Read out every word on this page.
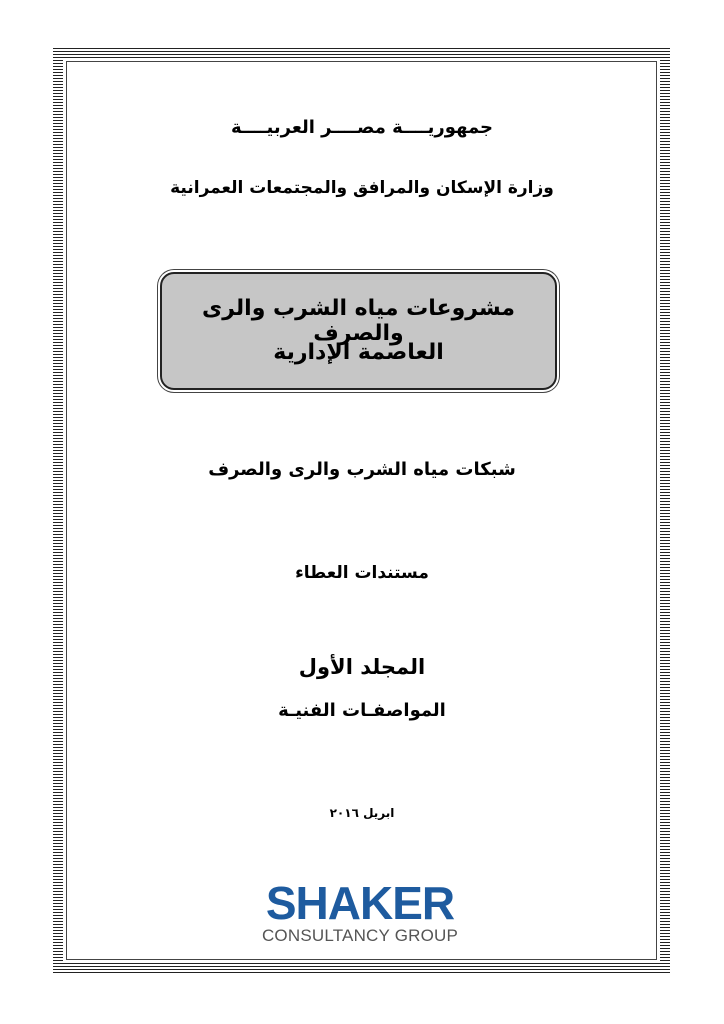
جمهوريــــة مصــــر العربيــــة
وزارة الإسكان والمرافق والمجتمعات العمرانية
مشروعات مياه الشرب والرى والصرف
العاصمة الإدارية
شبكات مياه الشرب والرى والصرف
مستندات العطاء
المجلد الأول
المواصفـات الفنيـة
ابريل ٢٠١٦
SHAKER
CONSULTANCY GROUP
